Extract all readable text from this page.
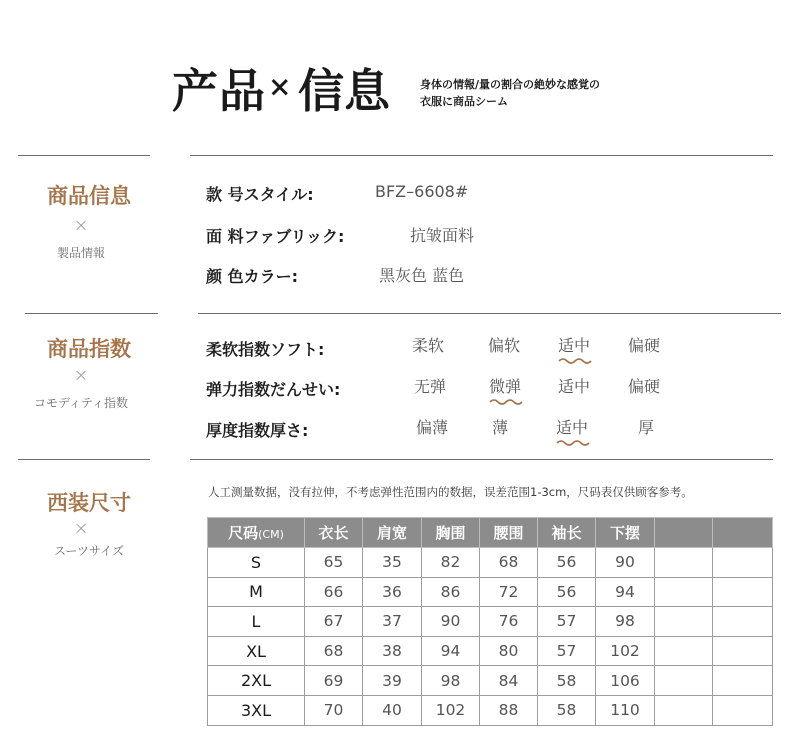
产品 × 信息	身体の情報/量の割合の絶妙な感覚の
衣服に商品シーム
商品信息
×
製品情報
款 号スタイル:	BFZ–6608#
面 料ファブリック:	抗皱面料
颜 色カラー:	黑灰色 蓝色
商品指数
×
コモディティ指数
柔软指数ソフト:	柔软	偏软 适中 偏硬
弹力指数だんせい:	无弹	微弹 适中 偏硬
厚度指数厚さ:	偏薄	薄	适中	厚
西装尺寸
×
スーツサイズ
人工测量数据，没有拉伸，不考虑弹性范围内的数据，误差范围1-3cm，尺码表仅供顾客参考。
尺码(CM)	衣长	肩宽	胸围	腰围	袖长	下摆		
S	65	35	82	68	56	90		
M	66	36	86	72	56	94		
L	67	37	90	76	57	98		
XL	68	38	94	80	57	102		
2XL	69	39	98	84	58	106		
3XL	70	40	102	88	58	110		
